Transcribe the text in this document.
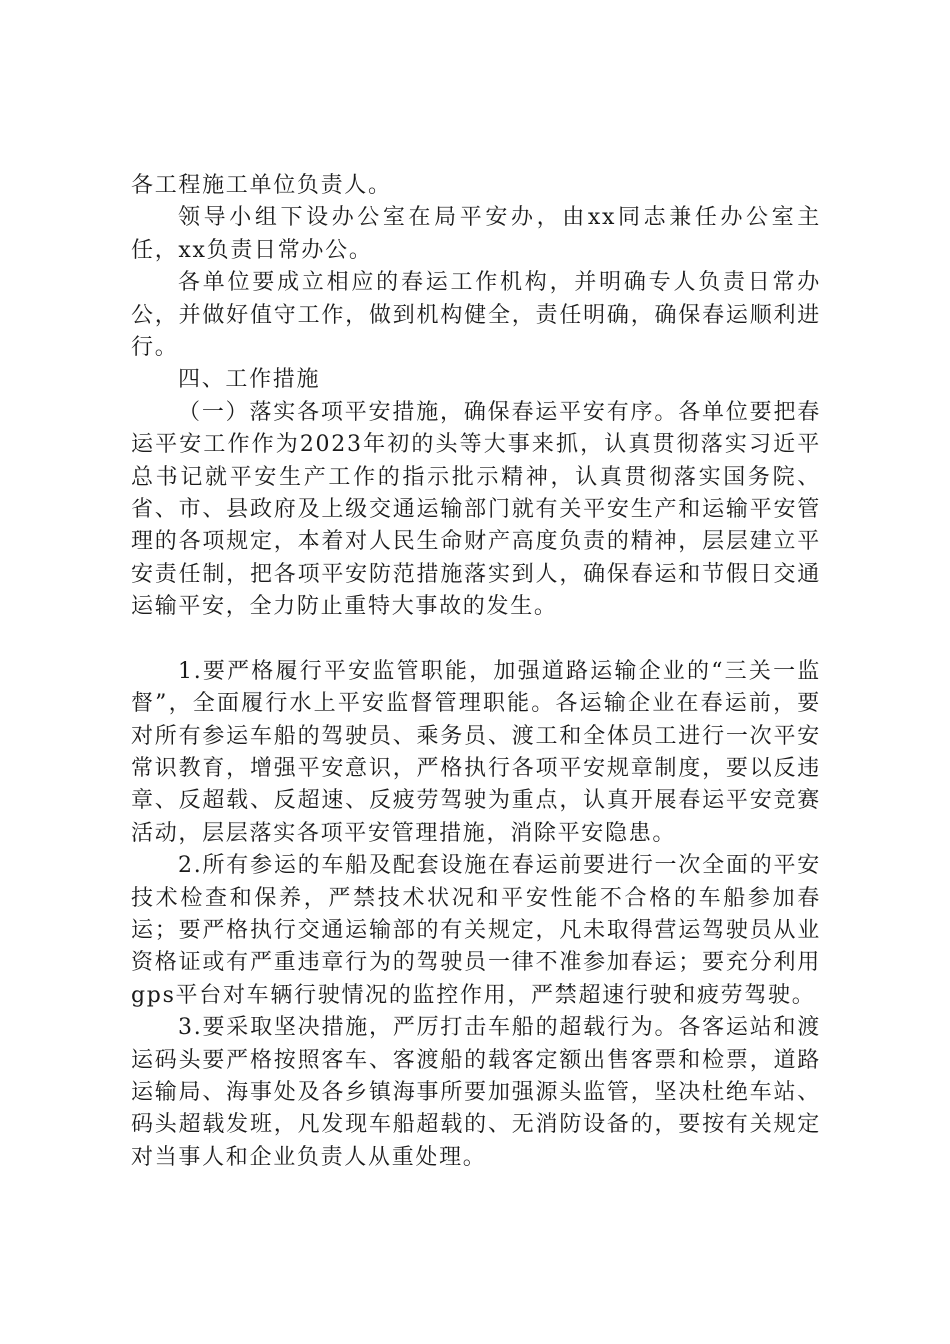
各工程施工单位负责人。

领导小组下设办公室在局平安办，由xx同志兼任办公室主任，xx负责日常办公。

各单位要成立相应的春运工作机构，并明确专人负责日常办公，并做好值守工作，做到机构健全，责任明确，确保春运顺利进行。

四、工作措施

（一）落实各项平安措施，确保春运平安有序。各单位要把春运平安工作作为2023年初的头等大事来抓，认真贯彻落实习近平总书记就平安生产工作的指示批示精神，认真贯彻落实国务院、省、市、县政府及上级交通运输部门就有关平安生产和运输平安管理的各项规定，本着对人民生命财产高度负责的精神，层层建立平安责任制，把各项平安防范措施落实到人，确保春运和节假日交通运输平安，全力防止重特大事故的发生。

1.要严格履行平安监管职能，加强道路运输企业的“三关一监督”，全面履行水上平安监督管理职能。各运输企业在春运前，要对所有参运车船的驾驶员、乘务员、渡工和全体员工进行一次平安常识教育，增强平安意识，严格执行各项平安规章制度，要以反违章、反超载、反超速、反疲劳驾驶为重点，认真开展春运平安竞赛活动，层层落实各项平安管理措施，消除平安隐患。

2.所有参运的车船及配套设施在春运前要进行一次全面的平安技术检查和保养，严禁技术状况和平安性能不合格的车船参加春运；要严格执行交通运输部的有关规定，凡未取得营运驾驶员从业资格证或有严重违章行为的驾驶员一律不准参加春运；要充分利用gps平台对车辆行驶情况的监控作用，严禁超速行驶和疲劳驾驶。

3.要采取坚决措施，严厉打击车船的超载行为。各客运站和渡运码头要严格按照客车、客渡船的载客定额出售客票和检票，道路运输局、海事处及各乡镇海事所要加强源头监管，坚决杜绝车站、码头超载发班，凡发现车船超载的、无消防设备的，要按有关规定对当事人和企业负责人从重处理。
